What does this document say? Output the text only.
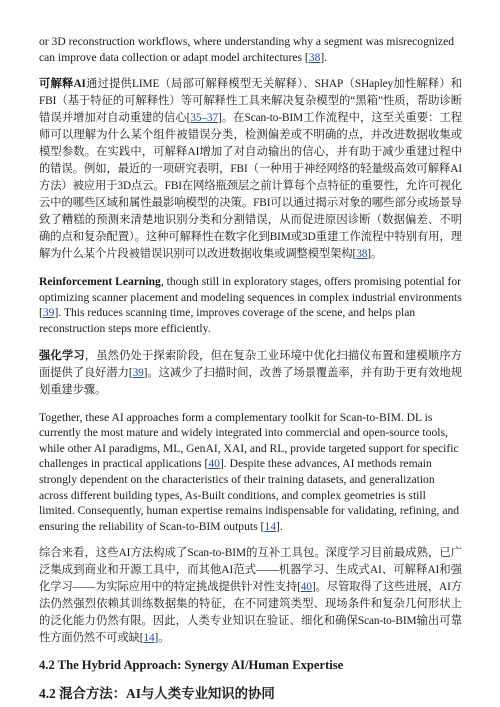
or 3D reconstruction workflows, where understanding why a segment was misrecognized can improve data collection or adapt model architectures [38].

可解释AI通过提供LIME（局部可解释模型无关解释）、SHAP（SHapley加性解释）和FBI（基于特征的可解释性）等可解释性工具来解决复杂模型的“黑箱”性质，帮助诊断错误并增加对自动重建的信心[35–37]。在Scan-to-BIM工作流程中，这至关重要：工程师可以理解为什么某个组件被错误分类，检测偏差或不明确的点，并改进数据收集或模型参数。在实践中，可解释AI增加了对自动输出的信心，并有助于减少重建过程中的错误。例如，最近的一项研究表明，FBI（一种用于神经网络的轻量级高效可解释AI方法）被应用于3D点云。FBI在网络瓶颈层之前计算每个点特征的重要性，允许可视化云中的哪些区域和属性最影响模型的决策。FBI可以通过揭示对象的哪些部分或场景导致了糟糕的预测来清楚地识别分类和分割错误，从而促进原因诊断（数据偏差、不明确的点和复杂配置）。这种可解释性在数字化到BIM或3D重建工作流程中特别有用，理解为什么某个片段被错误识别可以改进数据收集或调整模型架构[38]。

Reinforcement Learning, though still in exploratory stages, offers promising potential for optimizing scanner placement and modeling sequences in complex industrial environments [39]. This reduces scanning time, improves coverage of the scene, and helps plan reconstruction steps more efficiently.

强化学习，虽然仍处于探索阶段，但在复杂工业环境中优化扫描仪布置和建模顺序方面提供了良好潜力[39]。这减少了扫描时间，改善了场景覆盖率，并有助于更有效地规划重建步骤。

Together, these AI approaches form a complementary toolkit for Scan-to-BIM. DL is currently the most mature and widely integrated into commercial and open-source tools, while other AI paradigms, ML, GenAI, XAI, and RL, provide targeted support for specific challenges in practical applications [40]. Despite these advances, AI methods remain strongly dependent on the characteristics of their training datasets, and generalization across different building types, As-Built conditions, and complex geometries is still limited. Consequently, human expertise remains indispensable for validating, refining, and ensuring the reliability of Scan-to-BIM outputs [14].

综合来看，这些AI方法构成了Scan-to-BIM的互补工具包。深度学习目前最成熟，已广泛集成到商业和开源工具中，而其他AI范式——机器学习、生成式AI、可解释AI和强化学习——为实际应用中的特定挑战提供针对性支持[40]。尽管取得了这些进展，AI方法仍然强烈依赖其训练数据集的特征，在不同建筑类型、现场条件和复杂几何形状上的泛化能力仍然有限。因此，人类专业知识在验证、细化和确保Scan-to-BIM输出可靠性方面仍然不可或缺[14]。

4.2 The Hybrid Approach: Synergy AI/Human Expertise
4.2 混合方法：AI与人类专业知识的协同
